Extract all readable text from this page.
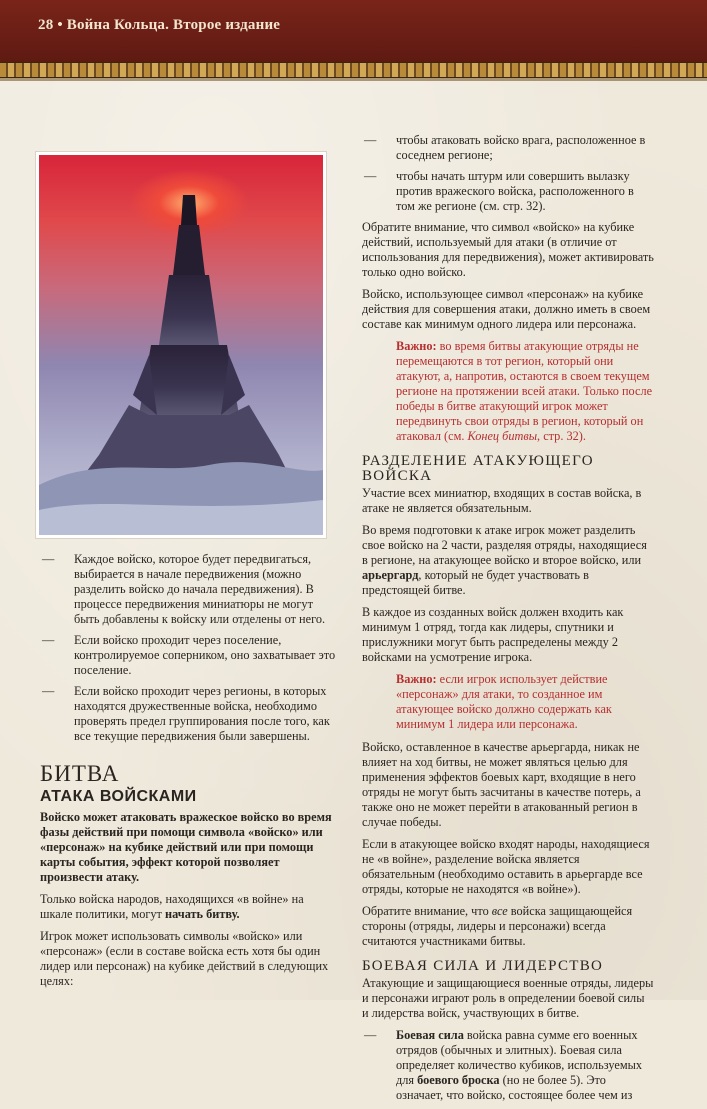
28 • Война Кольца. Второе издание
— Каждое войско, которое будет передвигаться, выбирается в начале передвижения (можно разделить войско до начала передвижения). В процессе передвижения миниатюры не могут быть добавлены к войску или отделены от него.
— Если войско проходит через поселение, контролируемое соперником, оно захватывает это поселение.
— Если войско проходит через регионы, в которых находятся дружественные войска, необходимо проверять предел группирования после того, как все текущие передвижения были завершены.
БИТВА
АТАКА ВОЙСКАМИ

Войско может атаковать вражеское войско во время фазы действий при помощи символа «войско» или «персонаж» на кубике действий или при помощи карты события, эффект которой позволяет произвести атаку.

Только войска народов, находящихся «в войне» на шкале политики, могут начать битву.

Игрок может использовать символы «войско» или «персонаж» (если в составе войска есть хотя бы один лидер или персонаж) на кубике действий в следующих целях:

— чтобы атаковать войско врага, расположенное в соседнем регионе;
— чтобы начать штурм или совершить вылазку против вражеского войска, расположенного в том же регионе (см. стр. 32).

Обратите внимание, что символ «войско» на кубике действий, используемый для атаки (в отличие от использования для передвижения), может активировать только одно войско.

Войско, использующее символ «персонаж» на кубике действия для совершения атаки, должно иметь в своем составе как минимум одного лидера или персонажа.

Важно: во время битвы атакующие отряды не перемещаются в тот регион, который они атакуют, а, напротив, остаются в своем текущем регионе на протяжении всей атаки. Только после победы в битве атакующий игрок может передвинуть свои отряды в регион, который он атаковал (см. Конец битвы, стр. 32).

РАЗДЕЛЕНИЕ АТАКУЮЩЕГО ВОЙСКА

Участие всех миниатюр, входящих в состав войска, в атаке не является обязательным.

Во время подготовки к атаке игрок может разделить свое войско на 2 части, разделяя отряды, находящиеся в регионе, на атакующее войско и второе войско, или арьергард, который не будет участвовать в предстоящей битве.

В каждое из созданных войск должен входить как минимум 1 отряд, тогда как лидеры, спутники и прислужники могут быть распределены между 2 войсками на усмотрение игрока.

Важно: если игрок использует действие «персонаж» для атаки, то созданное им атакующее войско должно содержать как минимум 1 лидера или персонажа.

Войско, оставленное в качестве арьергарда, никак не влияет на ход битвы, не может являться целью для применения эффектов боевых карт, входящие в него отряды не могут быть засчитаны в качестве потерь, а также оно не может перейти в атакованный регион в случае победы.

Если в атакующее войско входят народы, находящиеся не «в войне», разделение войска является обязательным (необходимо оставить в арьергарде все отряды, которые не находятся «в войне»).

Обратите внимание, что все войска защищающейся стороны (отряды, лидеры и персонажи) всегда считаются участниками битвы.

БОЕВАЯ СИЛА И ЛИДЕРСТВО

Атакующие и защищающиеся военные отряды, лидеры и персонажи играют роль в определении боевой силы и лидерства войск, участвующих в битве.

— Боевая сила войска равна сумме его военных отрядов (обычных и элитных). Боевая сила определяет количество кубиков, используемых для боевого броска (но не более 5). Это означает, что войско, состоящее более чем из
